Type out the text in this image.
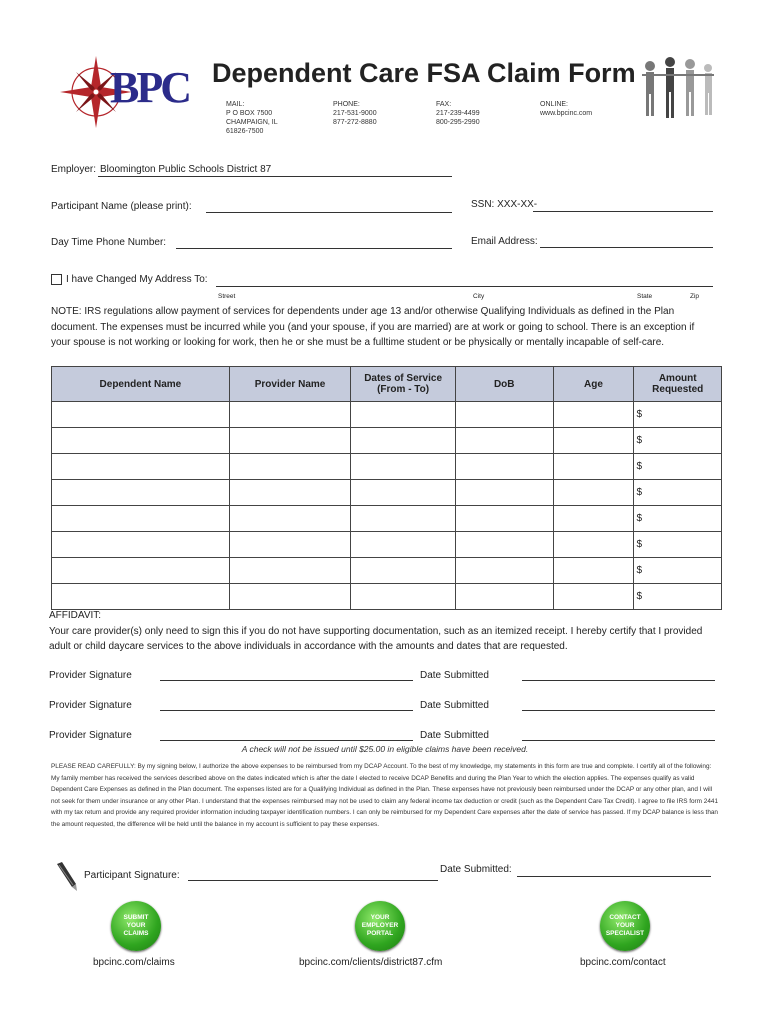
BPC Dependent Care FSA Claim Form
MAIL:
P O BOX 7500
CHAMPAIGN, IL
61826-7500
PHONE:
217-531-9000
877-272-8880
FAX:
217-239-4499
800-295-2990
ONLINE:
www.bpcinc.com
Employer: Bloomington Public Schools District 87
Participant Name (please print):	SSN: XXX-XX-
Day Time Phone Number:	Email Address:
I have Changed My Address To:
Street	City	State	Zip
NOTE: IRS regulations allow payment of services for dependents under age 13 and/or otherwise Qualifying Individuals as defined in the Plan document. The expenses must be incurred while you (and your spouse, if you are married) are at work or going to school. There is an exception if your spouse is not working or looking for work, then he or she must be a fulltime student or be physically or mentally incapable of self-care.
Dependent Name	Provider Name	Dates of Service (From - To)	DoB	Age	Amount Requested

					$
					$
					$
					$
					$
					$
					$
					$
AFFIDAVIT:
Your care provider(s) only need to sign this if you do not have supporting documentation, such as an itemized receipt. I hereby certify that I provided adult or child daycare services to the above individuals in accordance with the amounts and dates that are requested.
Provider Signature	Date Submitted
Provider Signature	Date Submitted
Provider Signature	Date Submitted
A check will not be issued until $25.00 in eligible claims have been received.
PLEASE READ CAREFULLY: By my signing below, I authorize the above expenses to be reimbursed from my DCAP Account. To the best of my knowledge, my statements in this form are true and complete. I certify all of the following: My family member has received the services described above on the dates indicated which is after the date I elected to receive DCAP Benefits and during the Plan Year to which the election applies. The expenses qualify as valid Dependent Care Expenses as defined in the Plan document. The expenses listed are for a Qualifying Individual as defined in the Plan. These expenses have not previously been reimbursed under the DCAP or any other plan, and I will not seek for them under insurance or any other Plan. I understand that the expenses reimbursed may not be used to claim any federal income tax deduction or credit (such as the Dependent Care Tax Credit). I agree to file IRS form 2441 with my tax return and provide any required provider information including taxpayer identification numbers. I can only be reimbursed for my Dependent Care expenses after the date of service has passed. If my DCAP balance is less than the amount requested, the difference will be held until the balance in my account is sufficient to pay these expenses.
Participant Signature:
Date Submitted:
SUBMIT YOUR CLAIMS
bpcinc.com/claims
YOUR EMPLOYER PORTAL
bpcinc.com/clients/district87.cfm
CONTACT YOUR SPECIALIST
bpcinc.com/contact
